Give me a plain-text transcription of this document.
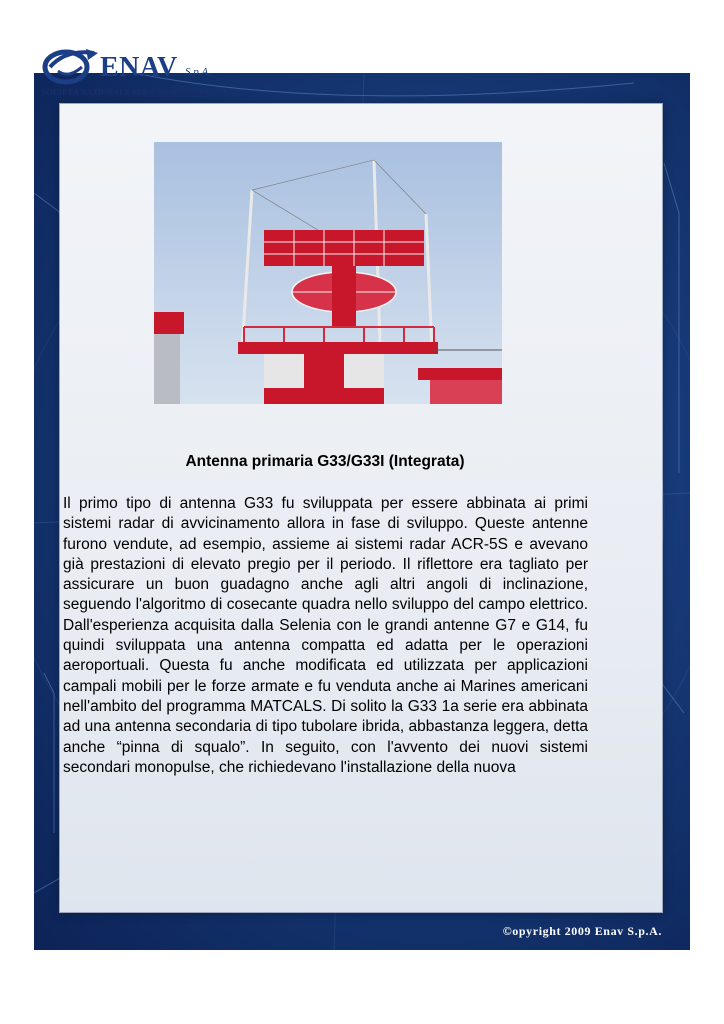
©opyright 2009 Enav S.p.A.
ENAV S.p.A.
SOCIETÀ NAZIONALE PER L'ASSISTENZA AL VOLO
Antenna primaria G33/G33I (Integrata)
Il primo tipo di antenna G33 fu sviluppata per essere abbinata ai primi sistemi radar di avvicinamento allora in fase di sviluppo. Queste antenne furono vendute, ad esempio, assieme ai sistemi radar ACR-5S e avevano già prestazioni di elevato pregio per il periodo. Il riflettore era tagliato per assicurare un buon guadagno anche agli altri angoli di inclinazione, seguendo l'algoritmo di cosecante quadra nello sviluppo del campo elettrico. Dall'esperienza acquisita dalla Selenia con le grandi antenne G7 e G14, fu quindi sviluppata una antenna compatta ed adatta per le operazioni aeroportuali. Questa fu anche modificata ed utilizzata per applicazioni campali mobili per le forze armate e fu venduta anche ai Marines americani nell'ambito del programma MATCALS. Di solito la G33 1a serie era abbinata ad una antenna secondaria di tipo tubolare ibrida, abbastanza leggera, detta anche “pinna di squalo”. In seguito, con l'avvento dei nuovi sistemi secondari monopulse, che richiedevano l'installazione della nuova
